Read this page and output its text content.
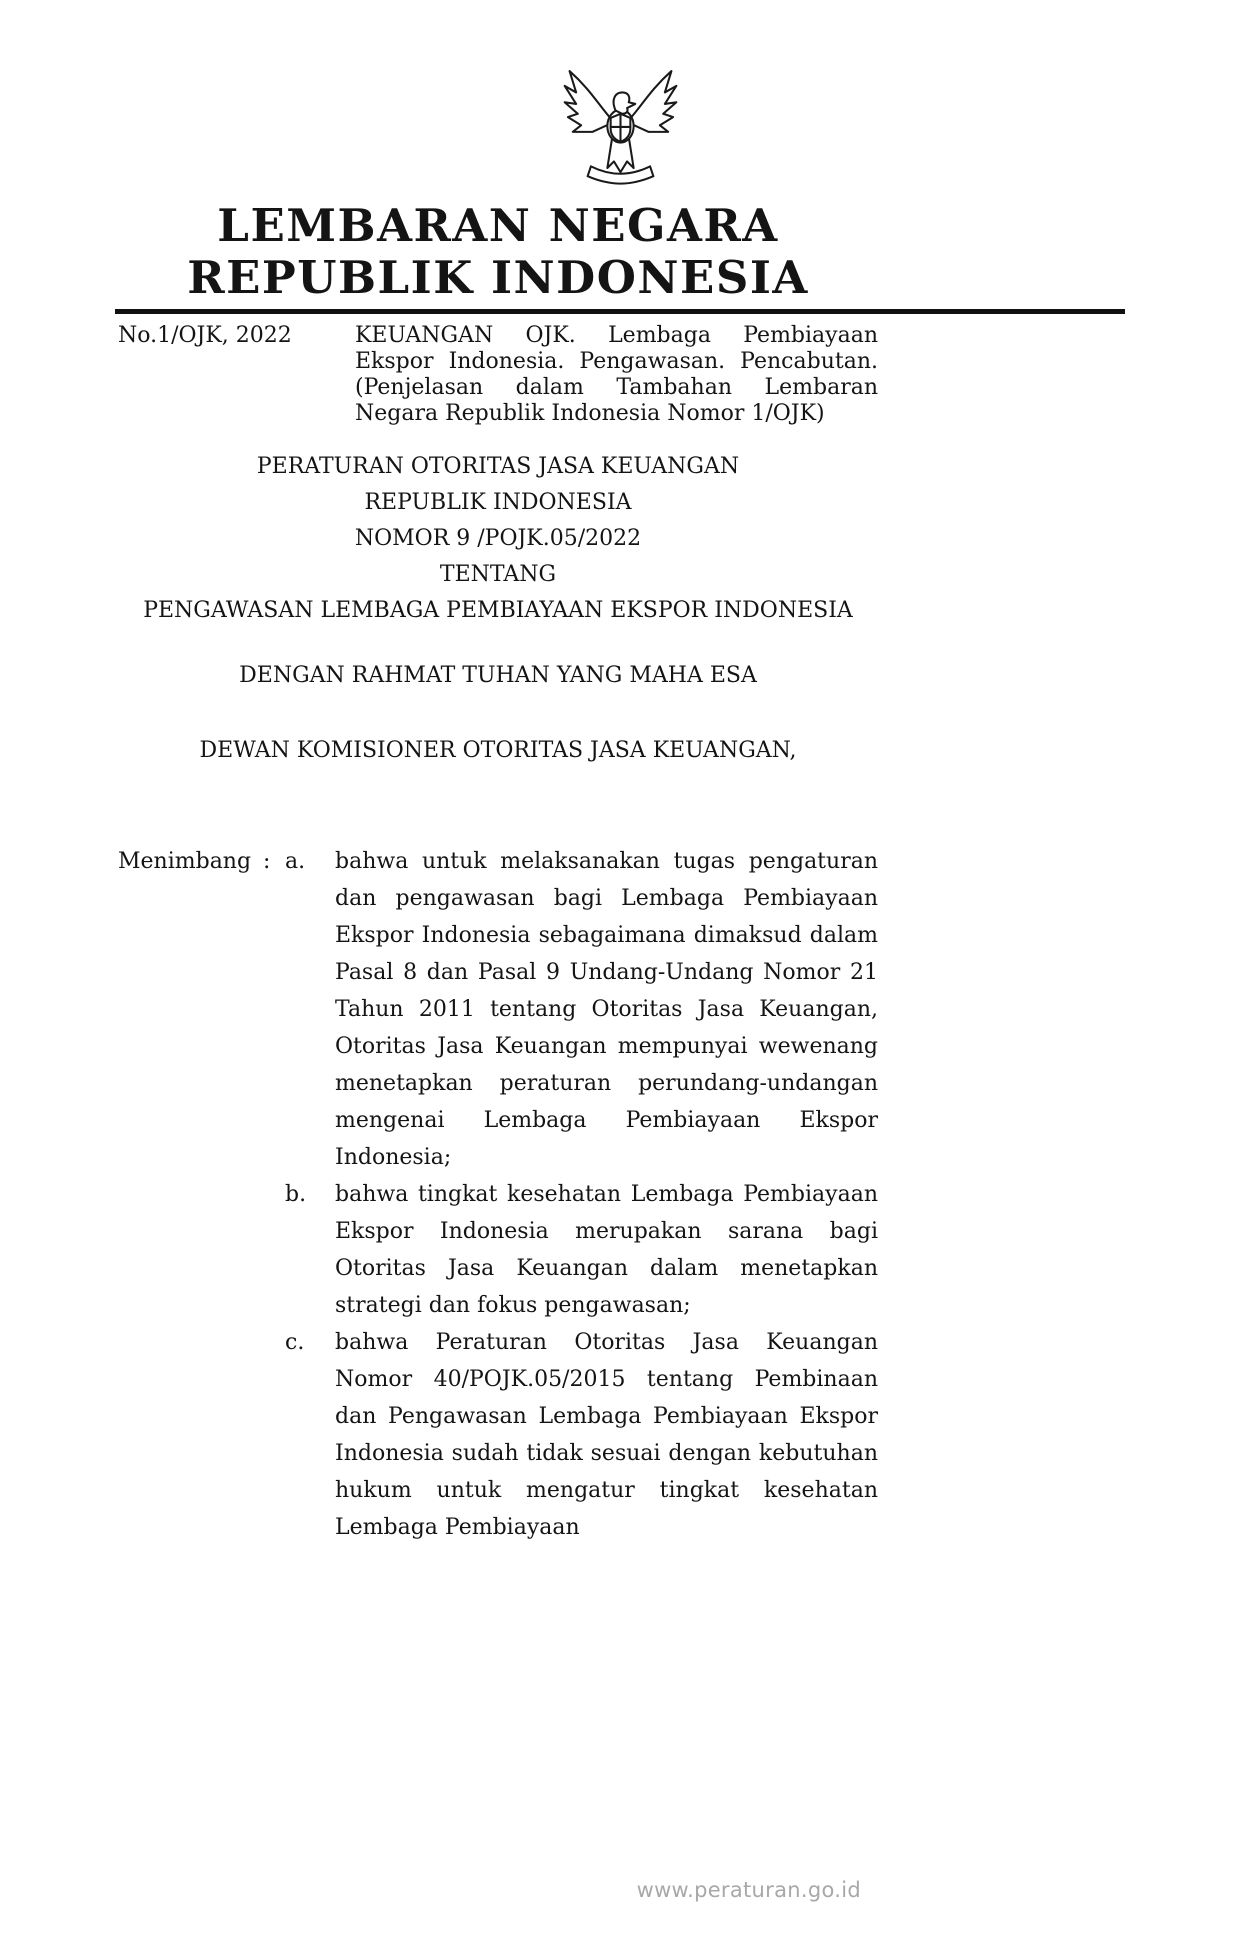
LEMBARAN NEGARA
REPUBLIK INDONESIA
No.1/OJK, 2022	KEUANGAN OJK. Lembaga Pembiayaan Ekspor Indonesia. Pengawasan. Pencabutan. (Penjelasan dalam Tambahan Lembaran Negara Republik Indonesia Nomor 1/OJK)
PERATURAN OTORITAS JASA KEUANGAN
REPUBLIK INDONESIA
NOMOR 9 /POJK.05/2022
TENTANG
PENGAWASAN LEMBAGA PEMBIAYAAN EKSPOR INDONESIA
DENGAN RAHMAT TUHAN YANG MAHA ESA
DEWAN KOMISIONER OTORITAS JASA KEUANGAN,
Menimbang : a.	bahwa untuk melaksanakan tugas pengaturan dan pengawasan bagi Lembaga Pembiayaan Ekspor Indonesia sebagaimana dimaksud dalam Pasal 8 dan Pasal 9 Undang-Undang Nomor 21 Tahun 2011 tentang Otoritas Jasa Keuangan, Otoritas Jasa Keuangan mempunyai wewenang menetapkan peraturan perundang-undangan mengenai Lembaga Pembiayaan Ekspor Indonesia;
b.	bahwa tingkat kesehatan Lembaga Pembiayaan Ekspor Indonesia merupakan sarana bagi Otoritas Jasa Keuangan dalam menetapkan strategi dan fokus pengawasan;
c.	bahwa Peraturan Otoritas Jasa Keuangan Nomor 40/POJK.05/2015 tentang Pembinaan dan Pengawasan Lembaga Pembiayaan Ekspor Indonesia sudah tidak sesuai dengan kebutuhan hukum untuk mengatur tingkat kesehatan Lembaga Pembiayaan
www.peraturan.go.id
